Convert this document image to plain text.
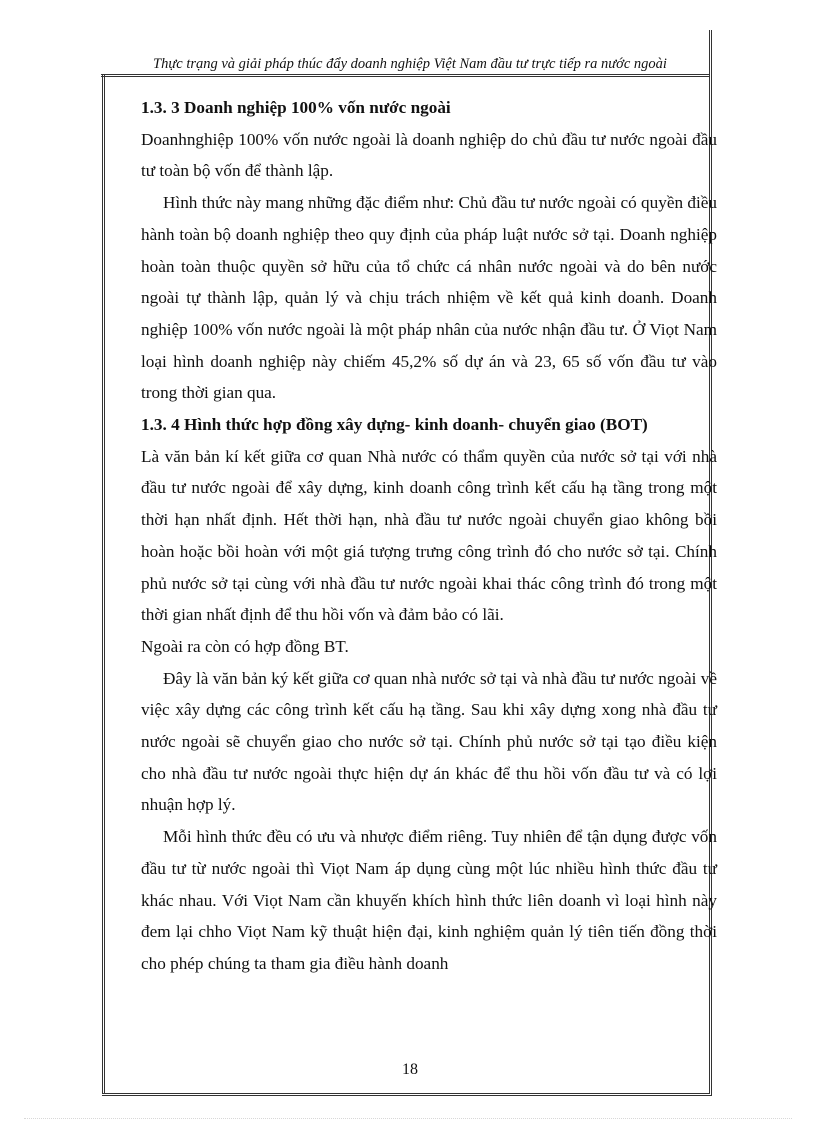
Thực trạng và giải pháp thúc đẩy doanh nghiệp Việt Nam đầu tư trực tiếp ra nước ngoài

1.3. 3 Doanh nghiệp 100% vốn nước ngoài

Doanhnghiệp 100% vốn nước ngoài là doanh nghiệp do chủ đầu tư nước ngoài đầu tư toàn bộ vốn để thành lập.

Hình thức này mang những đặc điểm như: Chủ đầu tư nước ngoài có quyền điều hành toàn bộ doanh nghiệp theo quy định của pháp luật nước sở tại. Doanh nghiệp hoàn toàn thuộc quyền sở hữu của tổ chức cá nhân nước ngoài và do bên nước ngoài tự thành lập, quản lý và chịu trách nhiệm về kết quả kinh doanh. Doanh nghiệp 100% vốn nước ngoài là một pháp nhân của nước nhận đầu tư. Ở Viọt Nam loại hình doanh nghiệp này chiếm 45,2% số dự án và 23, 65 số vốn đầu tư vào trong thời gian qua.

1.3. 4 Hình thức hợp đồng xây dựng- kinh doanh- chuyển giao (BOT)

Là văn bản kí kết giữa cơ quan Nhà nước có thẩm quyền của nước sở tại với nhà đầu tư nước ngoài để xây dựng, kinh doanh công trình kết cấu hạ tầng trong một thời hạn nhất định. Hết thời hạn, nhà đầu tư nước ngoài chuyển giao không bồi hoàn hoặc bồi hoàn với một giá tượng trưng công trình đó cho nước sở tại. Chính phủ nước sở tại cùng với nhà đầu tư nước ngoài khai thác công trình đó trong một thời gian nhất định để thu hồi vốn và đảm bảo có lãi.

Ngoài ra còn có hợp đồng BT.

Đây là văn bản ký kết giữa cơ quan nhà nước sở tại và nhà đầu tư nước ngoài về việc xây dựng các công trình kết cấu hạ tầng. Sau khi xây dựng xong nhà đầu tư nước ngoài sẽ chuyển giao cho nước sở tại. Chính phủ nước sở tại tạo điều kiện cho nhà đầu tư nước ngoài thực hiện dự án khác để thu hồi vốn đầu tư và có lợi nhuận hợp lý.

Mỗi hình thức đều có ưu và nhược điểm riêng. Tuy nhiên để tận dụng được vốn đầu tư từ nước ngoài thì Viọt Nam áp dụng cùng một lúc nhiều hình thức đầu tư khác nhau. Với Viọt Nam cần khuyến khích hình thức liên doanh vì loại hình này đem lại chho Viọt Nam kỹ thuật hiện đại, kinh nghiệm quản lý tiên tiến đồng thời cho phép chúng ta tham gia điều hành doanh

18
